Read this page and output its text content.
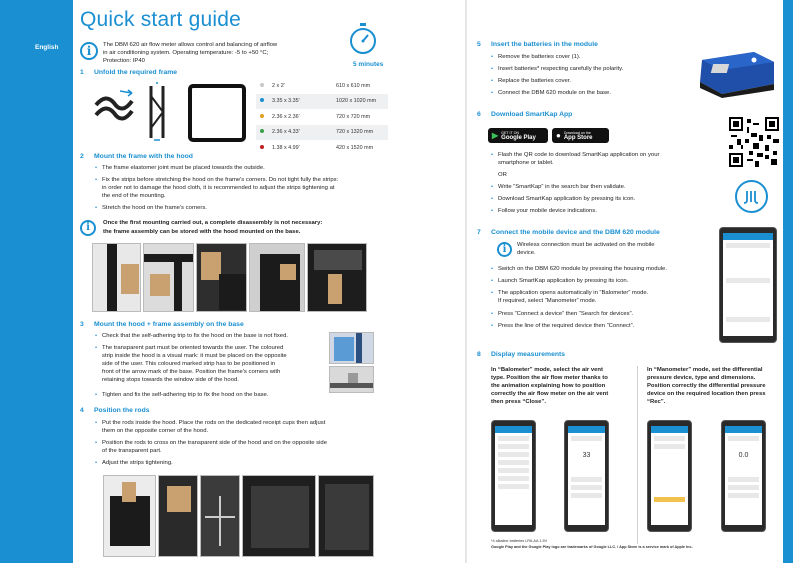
English
Quick start guide
i	The DBM 620 air flow meter allows control and balancing of airflow
in air conditioning system. Operating temperature: -5 to +50 °C;
Protection: IP40	5 minutes
1 Unfold the required frame
	2 x 2'	610 x 610 mm
	3.35 x 3.35'	1020 x 1020 mm
	2.36 x 2.36'	720 x 720 mm
	2.36 x 4.33'	720 x 1320 mm
	1.38 x 4.99'	420 x 1520 mm
2 Mount the frame with the hood
• The frame elastomer joint must be placed towards the outside.
• Fix the strips before stretching the hood on the frame's corners. Do not tight fully the strips:
in order not to damage the hood cloth, it is recommended to adjust the strips tightening at
the end of the mounting.
• Stretch the hood on the frame's corners.
i	Once the first mounting carried out, a complete disassembly is not necessary:
the frame assembly can be stored with the hood mounted on the base.
3 Mount the hood + frame assembly on the base
• Check that the self-adhering trip to fix the hood on the base is not fixed.
• The transparent part must be oriented towards the user. The coloured
strip inside the hood is a visual mark: it must be placed on the opposite
side of the user. This coloured marked strip has to be positioned in
front of the arrow mark of the base. Position the frame's corners with
retaining stops towards the window side of the hood.
• Tighten and fix the self-adhering trip to fix the hood on the base.
4 Position the rods
• Put the rods inside the hood. Place the rods on the dedicated receipt cups then adjust
them on the opposite corner of the hood.
• Position the rods to cross on the transparent side of the hood and on the opposite side
of the transparent part.
• Adjust the strips tightening.
5 Insert the batteries in the module
• Remove the batteries cover (1).
• Insert batteries* respecting carefully the polarity.
• Replace the batteries cover.
• Connect the DBM 620 module on the base.
6 Download SmartKap App
▶ GET IT ON
Google Play	● Download on the
App Store
• Flash the QR code to download SmartKap application on your
smartphone or tablet.
OR
• Write “SmartKap” in the search bar then validate.
• Download SmartKap application by pressing its icon.
• Follow your mobile device indications.
7 Connect the mobile device and the DBM 620 module
i	Wireless connection must be activated on the mobile
device.
• Switch on the DBM 620 module by pressing the housing module.
• Launch SmartKap application by pressing its icon.
• The application opens automatically in “Balometer” mode.
If required, select “Manometer” mode.
• Press “Connect a device” then “Search for devices”.
• Press the line of the required device then “Connect”.
8 Display measurements
In “Balometer” mode, select the air vent
type. Position the air flow meter thanks to
the animation explaining how to position
correctly the air flow meter on the air vent
then press “Close”.
In “Manometer” mode, set the differential
pressure device, type and dimensions.
Position correctly the differential pressure
device on the required location then press
“Rec”.
33	0.0
*4 alkaline batteries LR6-AA 1.5V
Google Play and the Google Play logo are trademarks of Google LLC. / App Store is a service mark of Apple Inc.
